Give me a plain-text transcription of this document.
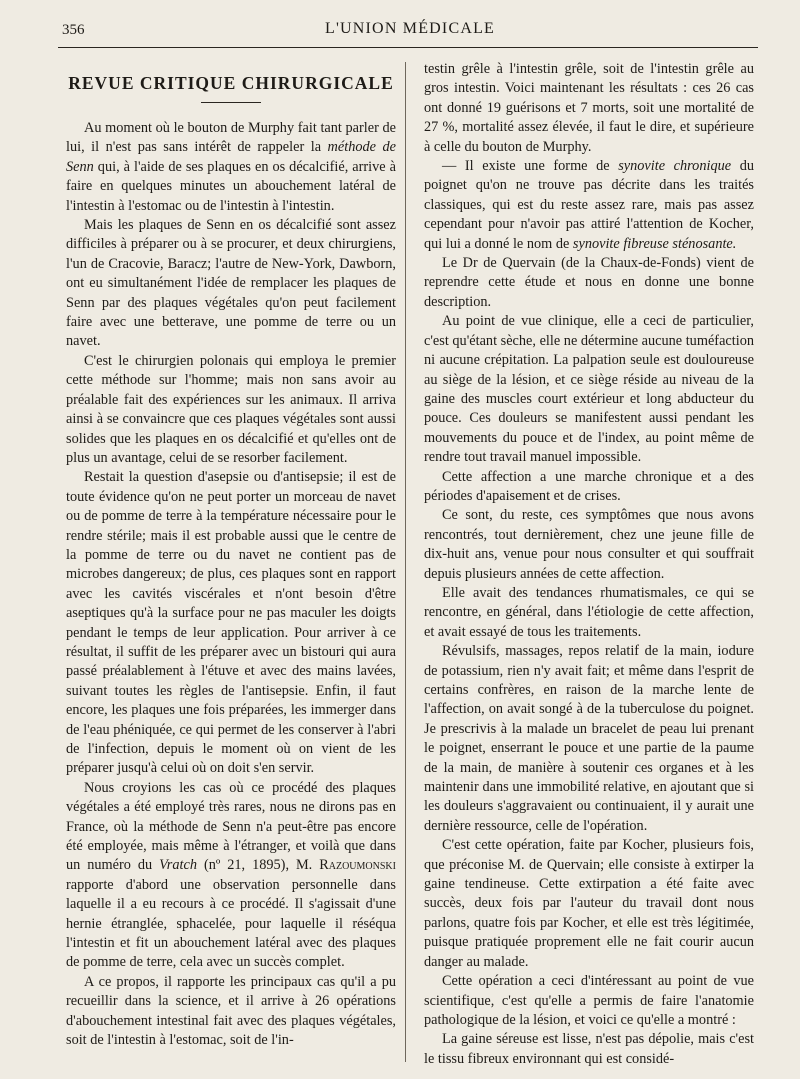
356	L'UNION MÉDICALE
REVUE CRITIQUE CHIRURGICALE

Au moment où le bouton de Murphy fait tant parler de lui, il n'est pas sans intérêt de rappeler la méthode de Senn qui, à l'aide de ses plaques en os décalcifié, arrive à faire en quelques minutes un abouchement latéral de l'intestin à l'estomac ou de l'intestin à l'intestin.

Mais les plaques de Senn en os décalcifié sont assez difficiles à préparer ou à se procurer, et deux chirurgiens, l'un de Cracovie, Baracz; l'autre de New-York, Dawborn, ont eu simultanément l'idée de remplacer les plaques de Senn par des plaques végétales qu'on peut facilement faire avec une betterave, une pomme de terre ou un navet.

C'est le chirurgien polonais qui employa le premier cette méthode sur l'homme; mais non sans avoir au préalable fait des expériences sur les animaux. Il arriva ainsi à se convaincre que ces plaques végétales sont aussi solides que les plaques en os décalcifié et qu'elles ont de plus un avantage, celui de se resorber facilement.

Restait la question d'asepsie ou d'antisepsie; il est de toute évidence qu'on ne peut porter un morceau de navet ou de pomme de terre à la température nécessaire pour le rendre stérile; mais il est probable aussi que le centre de la pomme de terre ou du navet ne contient pas de microbes dangereux; de plus, ces plaques sont en rapport avec les cavités viscérales et n'ont besoin d'être aseptiques qu'à la surface pour ne pas maculer les doigts pendant le temps de leur application. Pour arriver à ce résultat, il suffit de les préparer avec un bistouri qui aura passé préalablement à l'étuve et avec des mains lavées, suivant toutes les règles de l'antisepsie. Enfin, il faut encore, les plaques une fois préparées, les immerger dans de l'eau phéniquée, ce qui permet de les conserver à l'abri de l'infection, depuis le moment où on vient de les préparer jusqu'à celui où on doit s'en servir.

Nous croyions les cas où ce procédé des plaques végétales a été employé très rares, nous ne dirons pas en France, où la méthode de Senn n'a peut-être pas encore été employée, mais même à l'étranger, et voilà que dans un numéro du Vratch (nº 21, 1895), M. Razoumonski rapporte d'abord une observation personnelle dans laquelle il a eu recours à ce procédé. Il s'agissait d'une hernie étranglée, sphacelée, pour laquelle il réséqua l'intestin et fit un abouchement latéral avec des plaques de pomme de terre, cela avec un succès complet.

A ce propos, il rapporte les principaux cas qu'il a pu recueillir dans la science, et il arrive à 26 opérations d'abouchement intestinal fait avec des plaques végétales, soit de l'intestin à l'estomac, soit de l'in-

testin grêle à l'intestin grêle, soit de l'intestin grêle au gros intestin. Voici maintenant les résultats : ces 26 cas ont donné 19 guérisons et 7 morts, soit une mortalité de 27 %, mortalité assez élevée, il faut le dire, et supérieure à celle du bouton de Murphy.

— Il existe une forme de synovite chronique du poignet qu'on ne trouve pas décrite dans les traités classiques, qui est du reste assez rare, mais pas assez cependant pour n'avoir pas attiré l'attention de Kocher, qui lui a donné le nom de synovite fibreuse sténosante.

Le Dr de Quervain (de la Chaux-de-Fonds) vient de reprendre cette étude et nous en donne une bonne description.

Au point de vue clinique, elle a ceci de particulier, c'est qu'étant sèche, elle ne détermine aucune tuméfaction ni aucune crépitation. La palpation seule est douloureuse au siège de la lésion, et ce siège réside au niveau de la gaine des muscles court extérieur et long abducteur du pouce. Ces douleurs se manifestent aussi pendant les mouvements du pouce et de l'index, au point même de rendre tout travail manuel impossible.

Cette affection a une marche chronique et a des périodes d'apaisement et de crises.

Ce sont, du reste, ces symptômes que nous avons rencontrés, tout dernièrement, chez une jeune fille de dix-huit ans, venue pour nous consulter et qui souffrait depuis plusieurs années de cette affection.

Elle avait des tendances rhumatismales, ce qui se rencontre, en général, dans l'étiologie de cette affection, et avait essayé de tous les traitements.

Révulsifs, massages, repos relatif de la main, iodure de potassium, rien n'y avait fait; et même dans l'esprit de certains confrères, en raison de la marche lente de l'affection, on avait songé à de la tuberculose du poignet. Je prescrivis à la malade un bracelet de peau lui prenant le poignet, enserrant le pouce et une partie de la paume de la main, de manière à soutenir ces organes et à les maintenir dans une immobilité relative, en ajoutant que si les douleurs s'aggravaient ou continuaient, il y aurait une dernière ressource, celle de l'opération.

C'est cette opération, faite par Kocher, plusieurs fois, que préconise M. de Quervain; elle consiste à extirper la gaine tendineuse. Cette extirpation a été faite avec succès, deux fois par l'auteur du travail dont nous parlons, quatre fois par Kocher, et elle est très légitimée, puisque pratiquée proprement elle ne fait courir aucun danger au malade.

Cette opération a ceci d'intéressant au point de vue scientifique, c'est qu'elle a permis de faire l'anatomie pathologique de la lésion, et voici ce qu'elle a montré :

La gaine séreuse est lisse, n'est pas dépolie, mais c'est le tissu fibreux environnant qui est considé-
